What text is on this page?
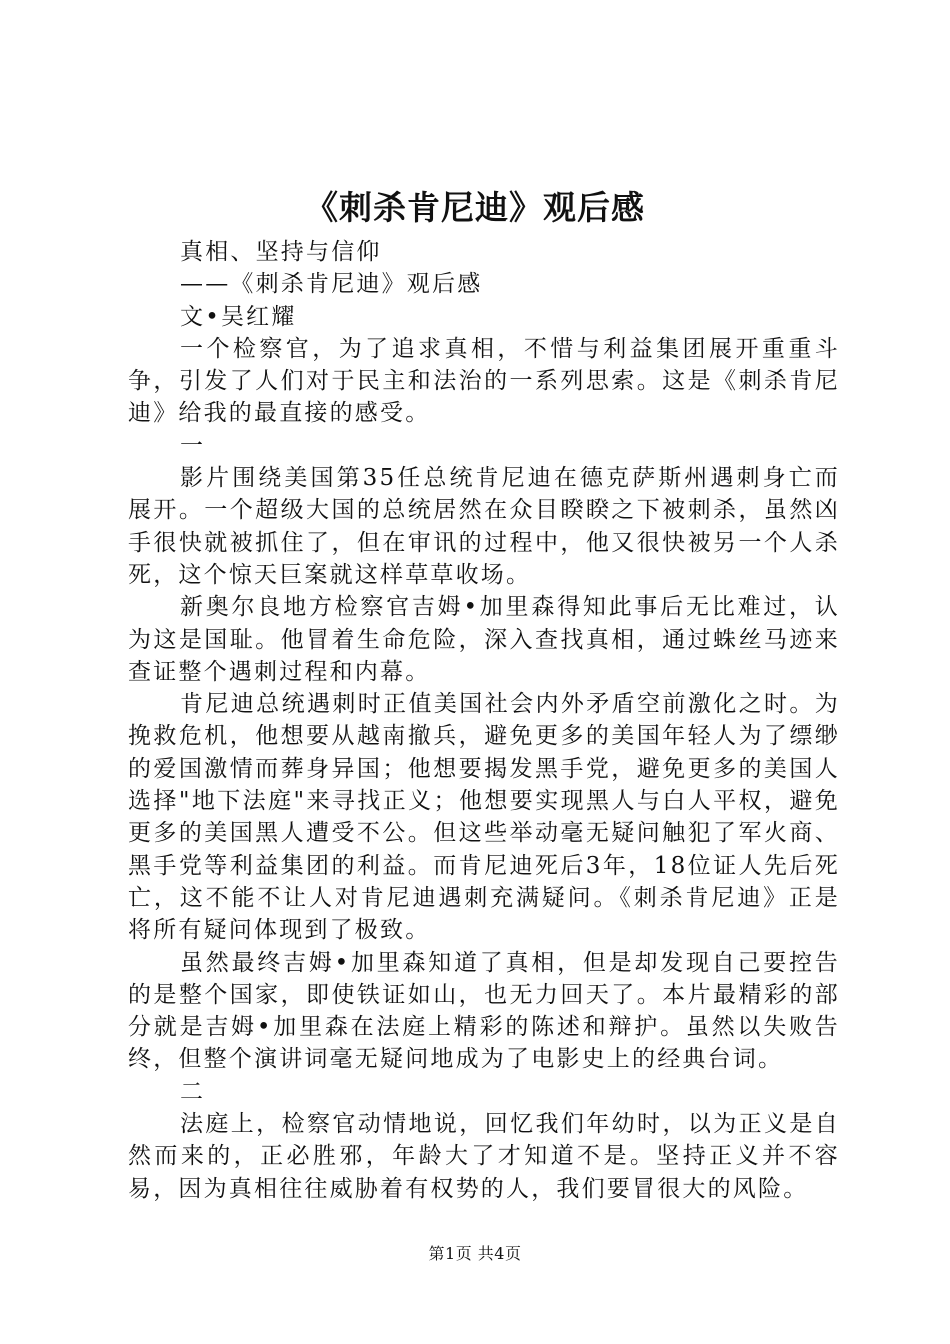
《刺杀肯尼迪》观后感

真相、坚持与信仰

——《刺杀肯尼迪》观后感

文•吴红耀

一个检察官，为了追求真相，不惜与利益集团展开重重斗争，引发了人们对于民主和法治的一系列思索。这是《刺杀肯尼迪》给我的最直接的感受。

一

影片围绕美国第35任总统肯尼迪在德克萨斯州遇刺身亡而展开。一个超级大国的总统居然在众目睽睽之下被刺杀，虽然凶手很快就被抓住了，但在审讯的过程中，他又很快被另一个人杀死，这个惊天巨案就这样草草收场。

新奥尔良地方检察官吉姆•加里森得知此事后无比难过，认为这是国耻。他冒着生命危险，深入查找真相，通过蛛丝马迹来查证整个遇刺过程和内幕。

肯尼迪总统遇刺时正值美国社会内外矛盾空前激化之时。为挽救危机，他想要从越南撤兵，避免更多的美国年轻人为了缥缈的爱国激情而葬身异国；他想要揭发黑手党，避免更多的美国人选择"地下法庭"来寻找正义；他想要实现黑人与白人平权，避免更多的美国黑人遭受不公。但这些举动毫无疑问触犯了军火商、黑手党等利益集团的利益。而肯尼迪死后3年，18位证人先后死亡，这不能不让人对肯尼迪遇刺充满疑问。《刺杀肯尼迪》正是将所有疑问体现到了极致。

虽然最终吉姆•加里森知道了真相，但是却发现自己要控告的是整个国家，即使铁证如山，也无力回天了。本片最精彩的部分就是吉姆•加里森在法庭上精彩的陈述和辩护。虽然以失败告终，但整个演讲词毫无疑问地成为了电影史上的经典台词。

二

法庭上，检察官动情地说，回忆我们年幼时，以为正义是自然而来的，正必胜邪，年龄大了才知道不是。坚持正义并不容易，因为真相往往威胁着有权势的人，我们要冒很大的风险。

第1页 共4页
